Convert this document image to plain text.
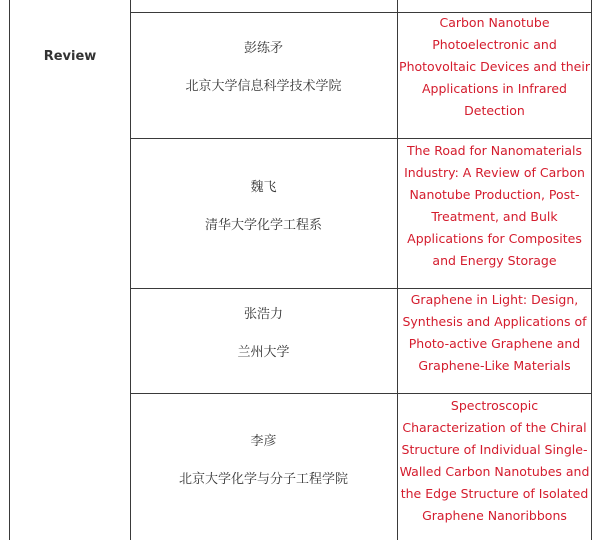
Review
彭练矛
北京大学信息科学技术学院
Carbon Nanotube Photoelectronic and Photovoltaic Devices and their Applications in Infrared Detection
魏飞
清华大学化学工程系
The Road for Nanomaterials Industry: A Review of Carbon Nanotube Production, Post-Treatment, and Bulk Applications for Composites and Energy Storage
张浩力
兰州大学
Graphene in Light: Design, Synthesis and Applications of Photo-active Graphene and Graphene-Like Materials
李彦
北京大学化学与分子工程学院
Spectroscopic Characterization of the Chiral Structure of Individual Single-Walled Carbon Nanotubes and the Edge Structure of Isolated Graphene Nanoribbons
